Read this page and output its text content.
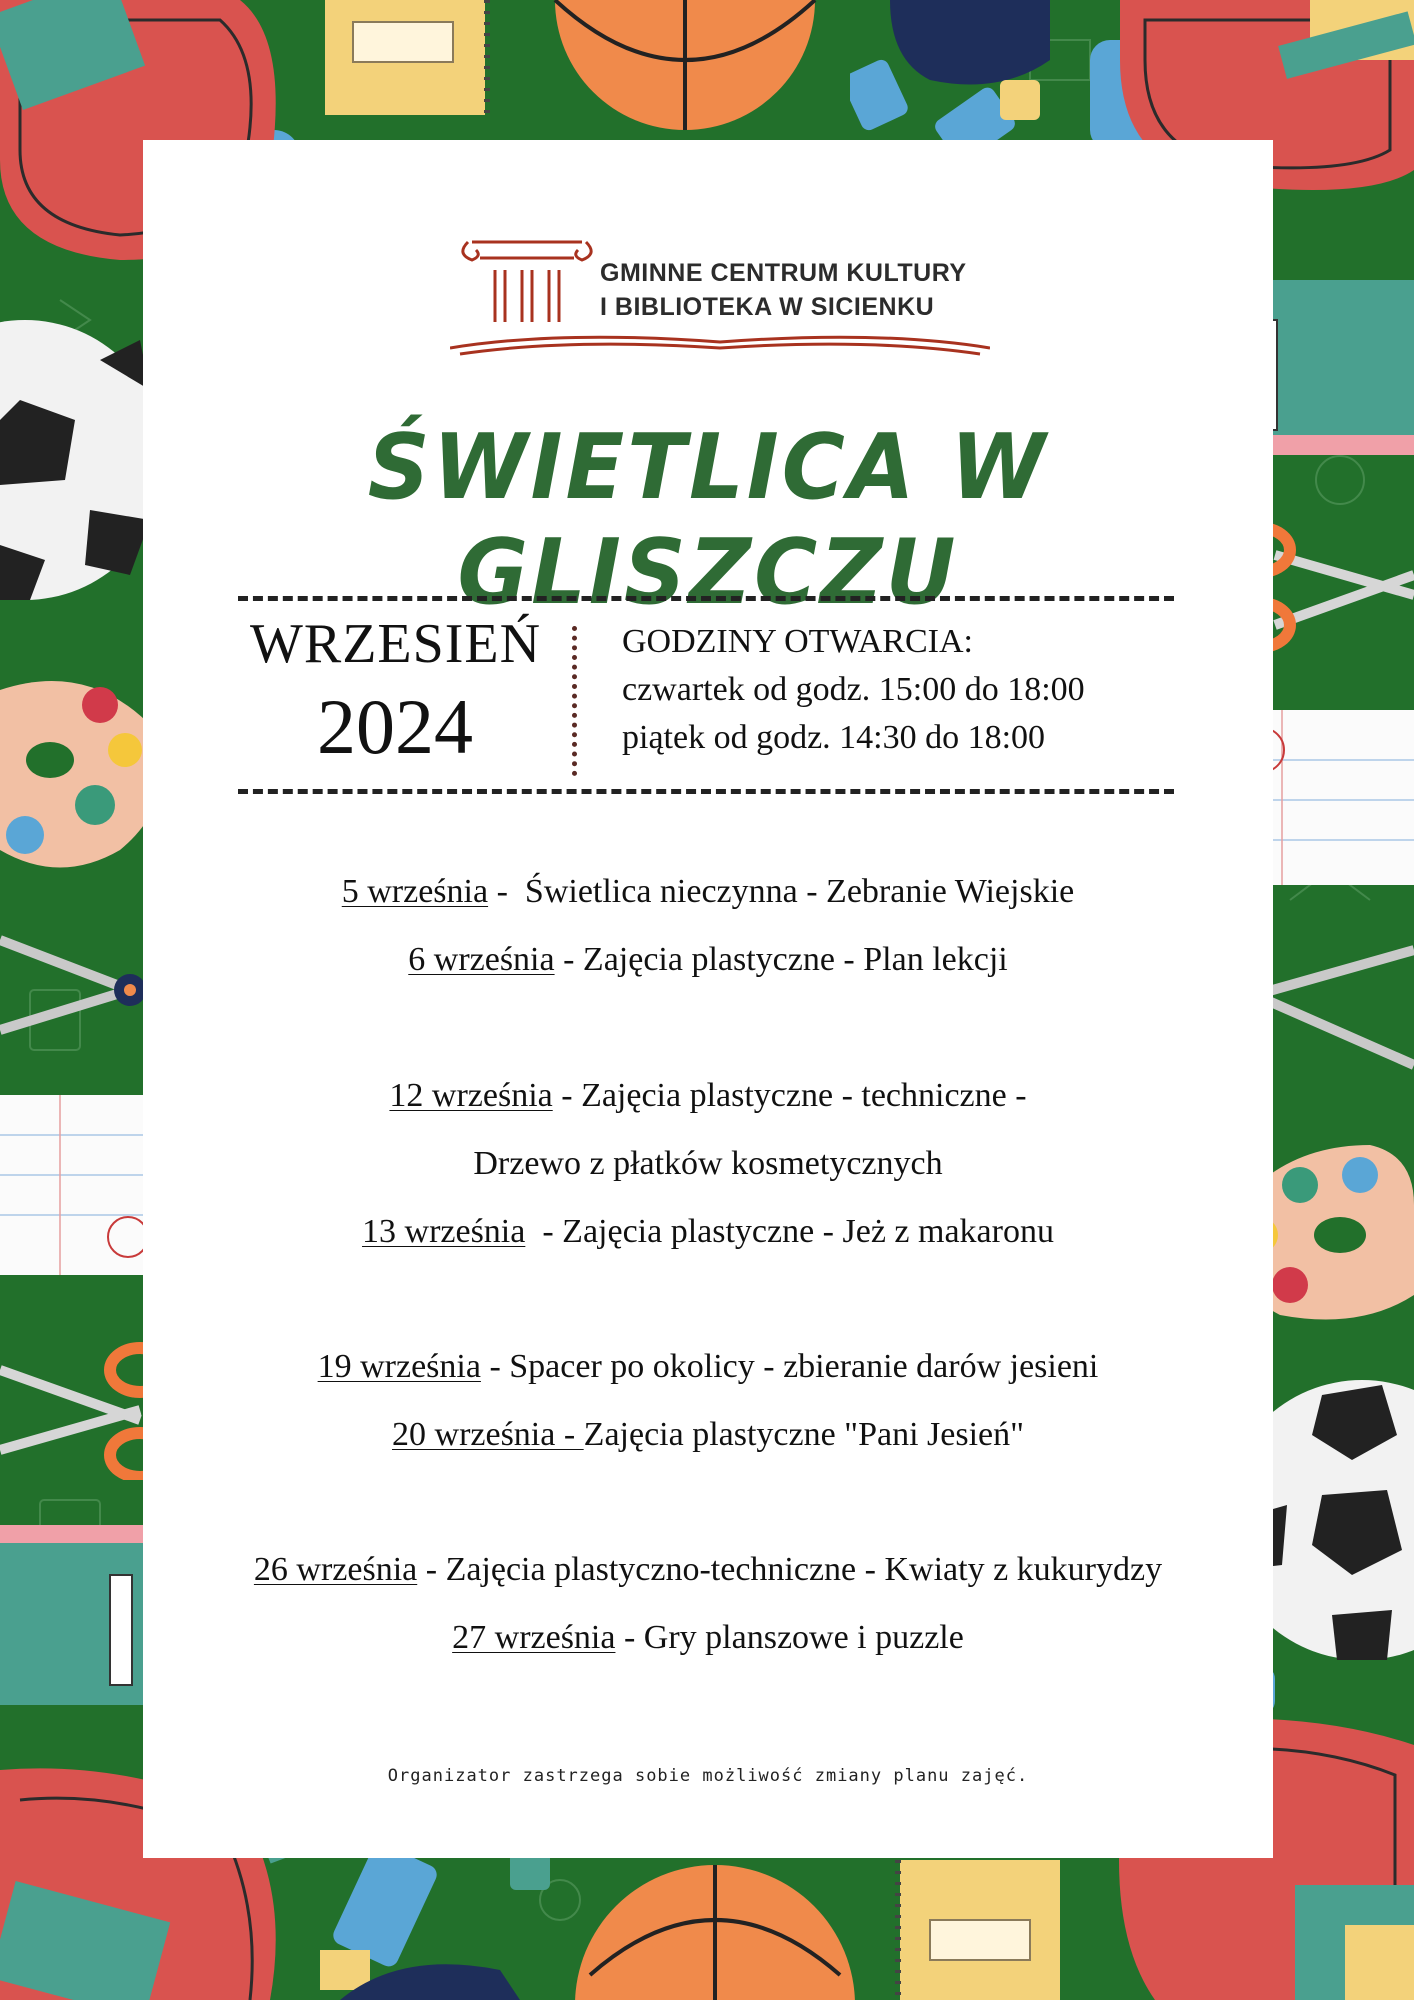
GMINNE CENTRUM KULTURY
I BIBLIOTEKA W SICIENKU
ŚWIETLICA W GLISZCZU
WRZESIEŃ
2024
GODZINY OTWARCIA:
czwartek od godz. 15:00 do 18:00
piątek od godz. 14:30 do 18:00
5 września -  Świetlica nieczynna - Zebranie Wiejskie
6 września - Zajęcia plastyczne - Plan lekcji
12 września - Zajęcia plastyczne - techniczne -
Drzewo z płatków kosmetycznych
13 września  - Zajęcia plastyczne - Jeż z makaronu
19 września - Spacer po okolicy - zbieranie darów jesieni
20 września - Zajęcia plastyczne "Pani Jesień"
26 września - Zajęcia plastyczno-techniczne - Kwiaty z kukurydzy
27 września - Gry planszowe i puzzle
Organizator zastrzega sobie możliwość zmiany planu zajęć.
